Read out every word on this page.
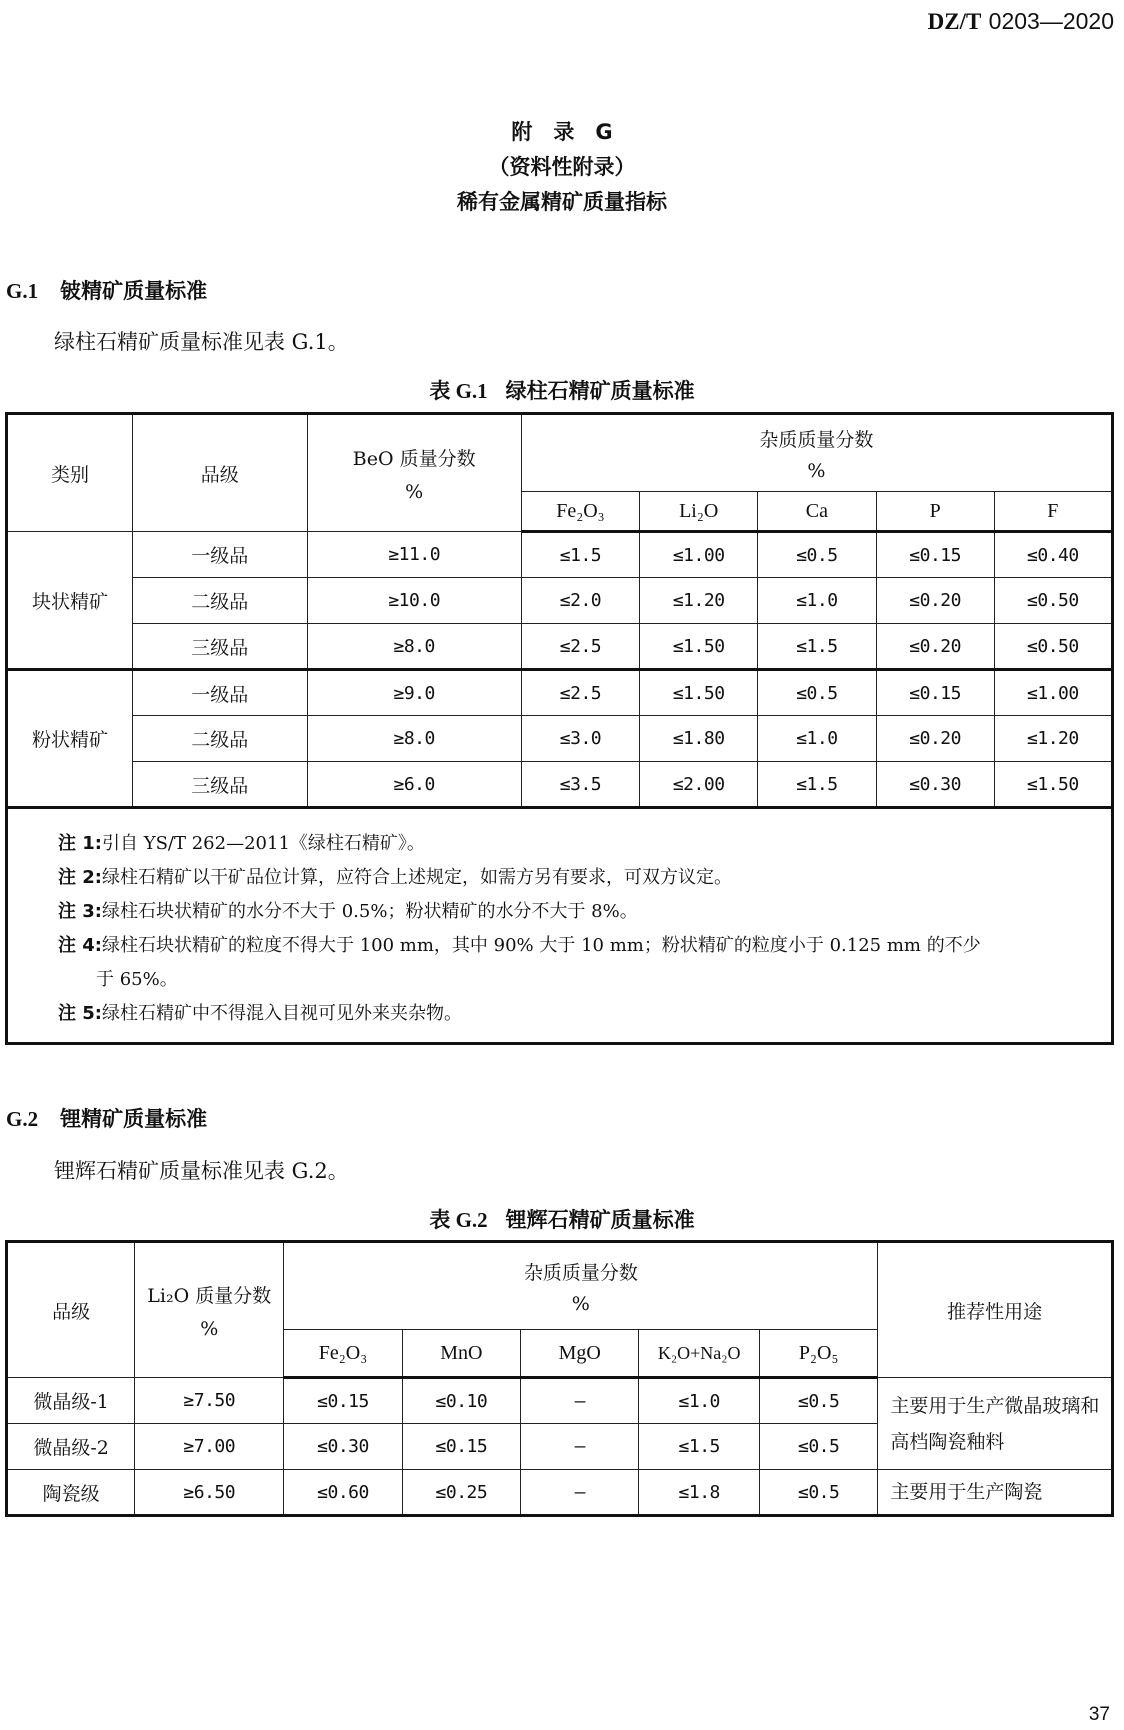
DZ/T 0203—2020
附　录　G
（资料性附录）
稀有金属精矿质量指标
G.1 铍精矿质量标准
绿柱石精矿质量标准见表 G.1。
表 G.1 绿柱石精矿质量标准
类别	品级	
BeO 质量分数
%

杂质质量分数
%

			Fe₂O₃	Li₂O	Ca	P	F
块状精矿	一级品	≥11.0	≤1.5	≤1.00	≤0.5	≤0.15	≤0.40
	二级品	≥10.0	≤2.0	≤1.20	≤1.0	≤0.20	≤0.50
	三级品	≥8.0	≤2.5	≤1.50	≤1.5	≤0.20	≤0.50
粉状精矿	一级品	≥9.0	≤2.5	≤1.50	≤0.5	≤0.15	≤1.00
	二级品	≥8.0	≤3.0	≤1.80	≤1.0	≤0.20	≤1.20
	三级品	≥6.0	≤3.5	≤2.00	≤1.5	≤0.30	≤1.50

注 1:引自 YS/T 262—2011《绿柱石精矿》。
注 2:绿柱石精矿以干矿品位计算，应符合上述规定，如需方另有要求，可双方议定。
注 3:绿柱石块状精矿的水分不大于 0.5%；粉状精矿的水分不大于 8%。
注 4:绿柱石块状精矿的粒度不得大于 100 mm，其中 90% 大于 10 mm；粉状精矿的粒度小于 0.125 mm 的不少
于 65%。
注 5:绿柱石精矿中不得混入目视可见外来夹杂物。
G.2 锂精矿质量标准
锂辉石精矿质量标准见表 G.2。
表 G.2 锂辉石精矿质量标准
品级	
Li₂O 质量分数
%

杂质质量分数
%	推荐性用途
		Fe₂O₃	MnO	MgO	K₂O+Na₂O	P₂O₅	
微晶级-1	≥7.50	≤0.15	≤0.10	—	≤1.0	≤0.5	主要用于生产微晶玻璃和高档陶瓷釉料
微晶级-2	≥7.00	≤0.30	≤0.15	—	≤1.5	≤0.5	
陶瓷级	≥6.50	≤0.60	≤0.25	—	≤1.8	≤0.5	主要用于生产陶瓷
37
